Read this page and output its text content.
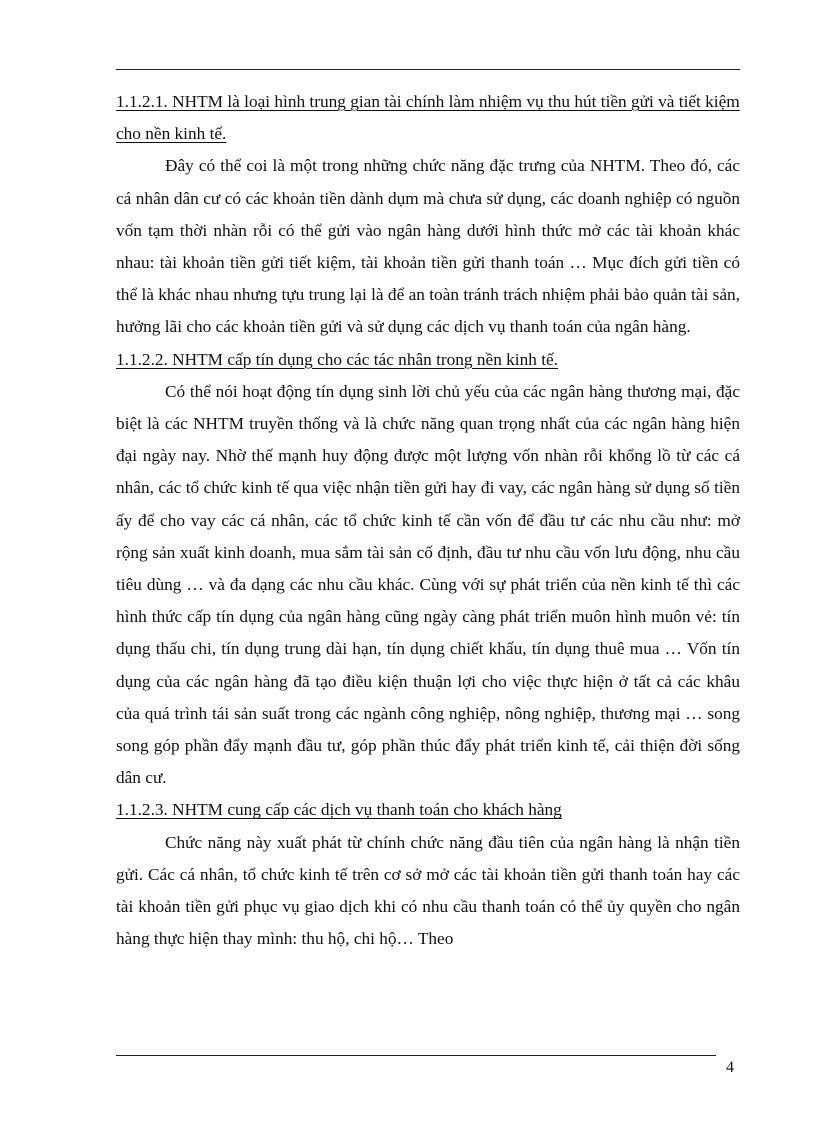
1.1.2.1. NHTM là loại hình trung gian tài chính làm nhiệm vụ thu hút tiền gửi và tiết kiệm cho nền kinh tế.

Đây có thể coi là một trong những chức năng đặc trưng của NHTM. Theo đó, các cá nhân dân cư có các khoản tiền dành dụm mà chưa sử dụng, các doanh nghiệp có nguồn vốn tạm thời nhàn rỗi có thể gửi vào ngân hàng dưới hình thức mở các tài khoản khác nhau: tài khoản tiền gửi tiết kiệm, tài khoản tiền gửi thanh toán … Mục đích gửi tiền có thể là khác nhau nhưng tựu trung lại là để an toàn tránh trách nhiệm phải bảo quản tài sản, hưởng lãi cho các khoản tiền gửi và sử dụng các dịch vụ thanh toán của ngân hàng.

1.1.2.2. NHTM cấp tín dụng cho các tác nhân trong nền kinh tế.

Có thể nói hoạt động tín dụng sinh lời chủ yếu của các ngân hàng thương mại, đặc biệt là các NHTM truyền thống và là chức năng quan trọng nhất của các ngân hàng hiện đại ngày nay. Nhờ thế mạnh huy động được một lượng vốn nhàn rỗi khổng lồ từ các cá nhân, các tổ chức kinh tế qua việc nhận tiền gửi hay đi vay, các ngân hàng sử dụng số tiền ấy để cho vay các cá nhân, các tổ chức kinh tế cần vốn để đầu tư các nhu cầu như: mở rộng sản xuất kinh doanh, mua sắm tài sản cố định, đầu tư nhu cầu vốn lưu động, nhu cầu tiêu dùng … và đa dạng các nhu cầu khác. Cùng với sự phát triển của nền kinh tế thì các hình thức cấp tín dụng của ngân hàng cũng ngày càng phát triển muôn hình muôn vẻ: tín dụng thấu chi, tín dụng trung dài hạn, tín dụng chiết khấu, tín dụng thuê mua … Vốn tín dụng của các ngân hàng đã tạo điều kiện thuận lợi cho việc thực hiện ở tất cả các khâu của quá trình tái sản suất trong các ngành công nghiệp, nông nghiệp, thương mại … song song góp phần đẩy mạnh đầu tư, góp phần thúc đẩy phát triển kinh tế, cải thiện đời sống dân cư.

1.1.2.3. NHTM cung cấp các dịch vụ thanh toán cho khách hàng

Chức năng này xuất phát từ chính chức năng đầu tiên của ngân hàng là nhận tiền gửi. Các cá nhân, tổ chức kinh tế trên cơ sở mở các tài khoản tiền gửi thanh toán hay các tài khoản tiền gửi phục vụ giao dịch khi có nhu cầu thanh toán có thể ủy quyền cho ngân hàng thực hiện thay mình: thu hộ, chi hộ… Theo

4
